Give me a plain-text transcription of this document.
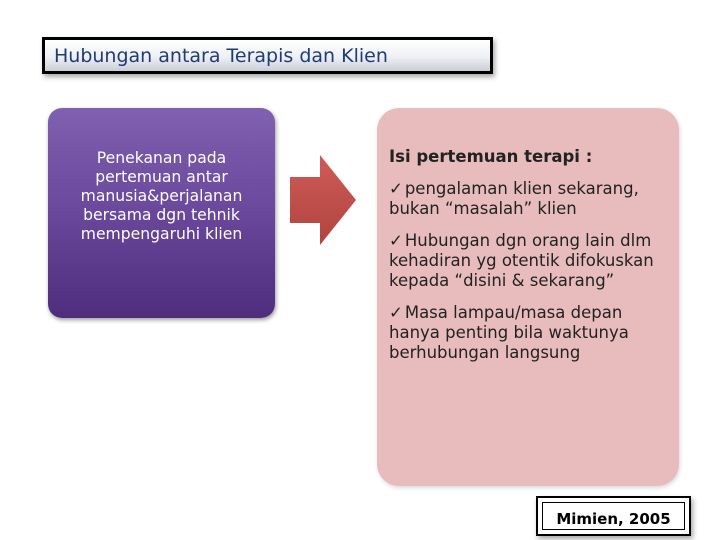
Hubungan antara Terapis dan Klien
Penekanan pada
pertemuan antar
manusia&perjalanan
bersama dgn tehnik
mempengaruhi klien
Isi pertemuan terapi :
✓ pengalaman klien sekarang, bukan “masalah” klien
✓ Hubungan dgn orang lain dlm kehadiran yg otentik difokuskan kepada “disini & sekarang”
✓ Masa lampau/masa depan hanya penting bila waktunya berhubungan langsung
Mimien, 2005
